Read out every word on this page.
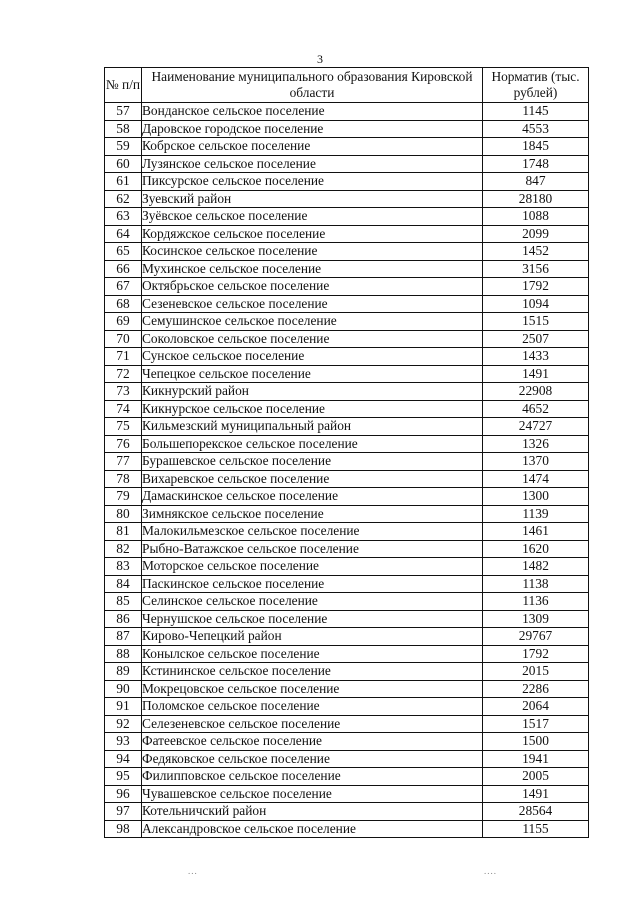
3
№ п/п	Наименование муниципального образования Кировской области	Норматив (тыс. рублей)
57	Вонданское сельское поселение	1145
58	Даровское городское поселение	4553
59	Кобрское сельское поселение	1845
60	Лузянское сельское поселение	1748
61	Пиксурское сельское поселение	847
62	Зуевский район	28180
63	Зуёвское сельское поселение	1088
64	Кордяжское сельское поселение	2099
65	Косинское сельское поселение	1452
66	Мухинское сельское поселение	3156
67	Октябрьское сельское поселение	1792
68	Сезеневское сельское поселение	1094
69	Семушинское сельское поселение	1515
70	Соколовское сельское поселение	2507
71	Сунское сельское поселение	1433
72	Чепецкое сельское поселение	1491
73	Кикнурский район	22908
74	Кикнурское сельское поселение	4652
75	Кильмезский муниципальный район	24727
76	Большепорекское сельское поселение	1326
77	Бурашевское сельское поселение	1370
78	Вихаревское сельское поселение	1474
79	Дамаскинское сельское поселение	1300
80	Зимнякское сельское поселение	1139
81	Малокильмезское сельское поселение	1461
82	Рыбно-Ватажское сельское поселение	1620
83	Моторское сельское поселение	1482
84	Паскинское сельское поселение	1138
85	Селинское сельское поселение	1136
86	Чернушское сельское поселение	1309
87	Кирово-Чепецкий район	29767
88	Конылское сельское поселение	1792
89	Кстининское сельское поселение	2015
90	Мокрецовское сельское поселение	2286
91	Поломское сельское поселение	2064
92	Селезеневское сельское поселение	1517
93	Фатеевское сельское поселение	1500
94	Федяковское сельское поселение	1941
95	Филипповское сельское поселение	2005
96	Чувашевское сельское поселение	1491
97	Котельничский район	28564
98	Александровское сельское поселение	1155
...	....
